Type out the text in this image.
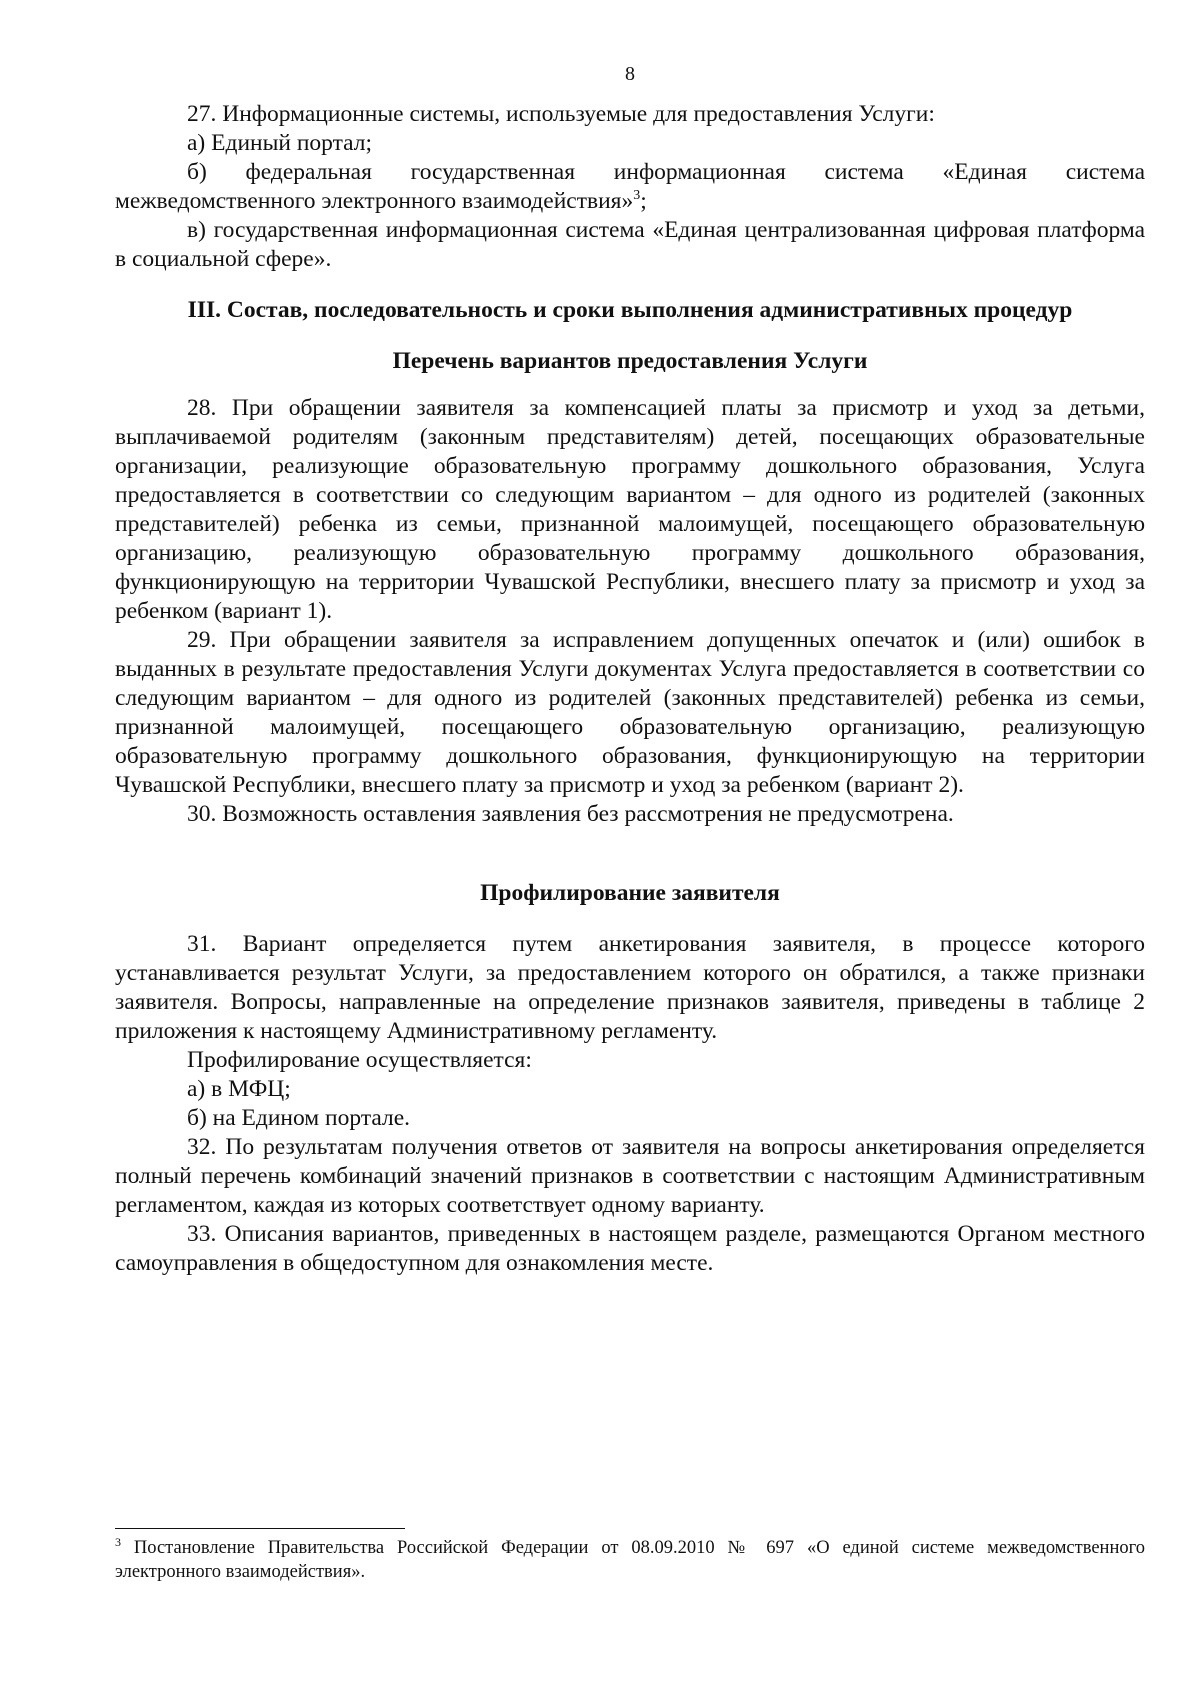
8

27. Информационные системы, используемые для предоставления Услуги:

а) Единый портал;

б) федеральная государственная информационная система «Единая система межведомственного электронного взаимодействия»$^3$;

в) государственная информационная система «Единая централизованная цифровая платформа в социальной сфере».

III. Состав, последовательность и сроки выполнения административных процедур
Перечень вариантов предоставления Услуги

28. При обращении заявителя за компенсацией платы за присмотр и уход за детьми, выплачиваемой родителям (законным представителям) детей, посещающих образовательные организации, реализующие образовательную программу дошкольного образования, Услуга предоставляется в соответствии со следующим вариантом – для одного из родителей (законных представителей) ребенка из семьи, признанной малоимущей, посещающего образовательную организацию, реализующую образовательную программу дошкольного образования, функционирующую на территории Чувашской Республики, внесшего плату за присмотр и уход за ребенком (вариант 1).

29. При обращении заявителя за исправлением допущенных опечаток и (или) ошибок в выданных в результате предоставления Услуги документах Услуга предоставляется в соответствии со следующим вариантом – для одного из родителей (законных представителей) ребенка из семьи, признанной малоимущей, посещающего образовательную организацию, реализующую образовательную программу дошкольного образования, функционирующую на территории Чувашской Республики, внесшего плату за присмотр и уход за ребенком (вариант 2).

30. Возможность оставления заявления без рассмотрения не предусмотрена.

Профилирование заявителя

31. Вариант определяется путем анкетирования заявителя, в процессе которого устанавливается результат Услуги, за предоставлением которого он обратился, а также признаки заявителя. Вопросы, направленные на определение признаков заявителя, приведены в таблице 2 приложения к настоящему Административному регламенту.

Профилирование осуществляется:

а) в МФЦ;

б) на Едином портале.

32. По результатам получения ответов от заявителя на вопросы анкетирования определяется полный перечень комбинаций значений признаков в соответствии с настоящим Административным регламентом, каждая из которых соответствует одному варианту.

33. Описания вариантов, приведенных в настоящем разделе, размещаются Органом местного самоуправления в общедоступном для ознакомления месте.

$^3$ Постановление Правительства Российской Федерации от 08.09.2010 № 697 «О единой системе межведомственного электронного взаимодействия».
